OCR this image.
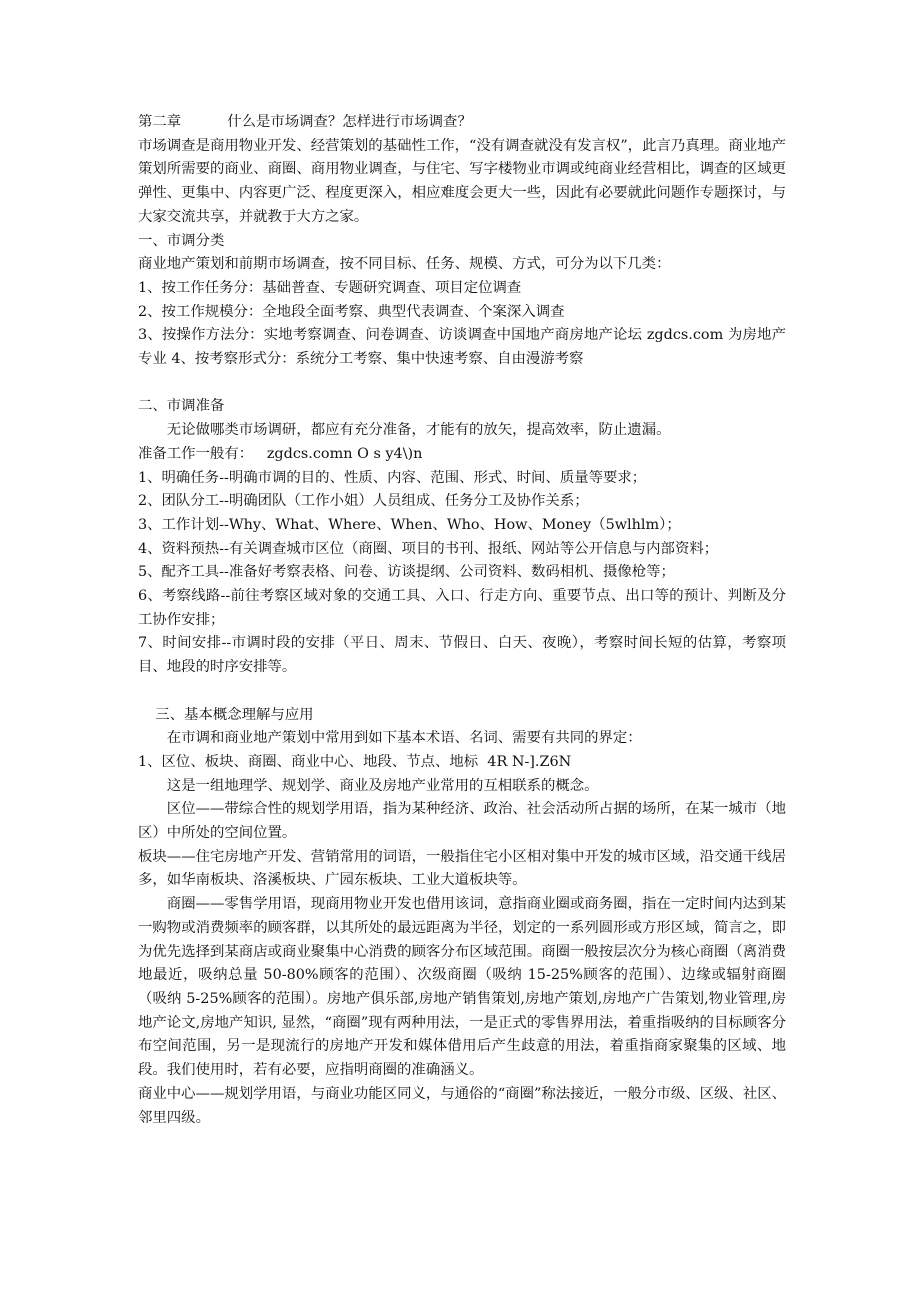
第二章	什么是市场调查？怎样进行市场调查？

市场调查是商用物业开发、经营策划的基础性工作，“没有调查就没有发言权”，此言乃真理。商业地产策划所需要的商业、商圈、商用物业调查，与住宅、写字楼物业市调或纯商业经营相比，调查的区域更弹性、更集中、内容更广泛、程度更深入，相应难度会更大一些，因此有必要就此问题作专题探讨，与大家交流共享，并就教于大方之家。

一、市调分类

商业地产策划和前期市场调查，按不同目标、任务、规模、方式，可分为以下几类：

1、按工作任务分：基础普查、专题研究调查、项目定位调查

2、按工作规模分：全地段全面考察、典型代表调查、个案深入调查

3、按操作方法分：实地考察调查、问卷调查、访谈调查中国地产商房地产论坛 zgdcs.com 为房地产专业 4、按考察形式分：系统分工考察、集中快速考察、自由漫游考察

二、市调准备

无论做哪类市场调研，都应有充分准备，才能有的放矢，提高效率，防止遗漏。

准备工作一般有：   zgdcs.comn O s y4\)n

1、明确任务--明确市调的目的、性质、内容、范围、形式、时间、质量等要求；

2、团队分工--明确团队（工作小姐）人员组成、任务分工及协作关系；

3、工作计划--Why、What、Where、When、Who、How、Money（5wlhlm）；

4、资料预热--有关调查城市区位（商圈、项目的书刊、报纸、网站等公开信息与内部资料；

5、配齐工具--准备好考察表格、问卷、访谈提纲、公司资料、数码相机、摄像枪等；

6、考察线路--前往考察区域对象的交通工具、入口、行走方向、重要节点、出口等的预计、判断及分工协作安排；

7、时间安排--市调时段的安排（平日、周末、节假日、白天、夜晚），考察时间长短的估算，考察项目、地段的时序安排等。

三、基本概念理解与应用

在市调和商业地产策划中常用到如下基本术语、名词、需要有共同的界定：

1、区位、板块、商圈、商业中心、地段、节点、地标  4R N-].Z6N

这是一组地理学、规划学、商业及房地产业常用的互相联系的概念。

区位——带综合性的规划学用语，指为某种经济、政治、社会活动所占据的场所，在某一城市（地区）中所处的空间位置。

板块——住宅房地产开发、营销常用的词语，一般指住宅小区相对集中开发的城市区域，沿交通干线居多，如华南板块、洛溪板块、广园东板块、工业大道板块等。

商圈——零售学用语，现商用物业开发也借用该词，意指商业圈或商务圈，指在一定时间内达到某一购物或消费频率的顾客群，以其所处的最远距离为半径，划定的一系列圆形或方形区域，简言之，即为优先选择到某商店或商业聚集中心消费的顾客分布区域范围。商圈一般按层次分为核心商圈（离消费地最近，吸纳总量 50-80%顾客的范围）、次级商圈（吸纳 15-25%顾客的范围）、边缘或辐射商圈（吸纳 5-25%顾客的范围）。房地产俱乐部,房地产销售策划,房地产策划,房地产广告策划,物业管理,房地产论文,房地产知识, 显然，“商圈”现有两种用法，一是正式的零售界用法，着重指吸纳的目标顾客分布空间范围，另一是现流行的房地产开发和媒体借用后产生歧意的用法，着重指商家聚集的区域、地段。我们使用时，若有必要，应指明商圈的准确涵义。

商业中心——规划学用语，与商业功能区同义，与通俗的“商圈”称法接近，一般分市级、区级、社区、邻里四级。
